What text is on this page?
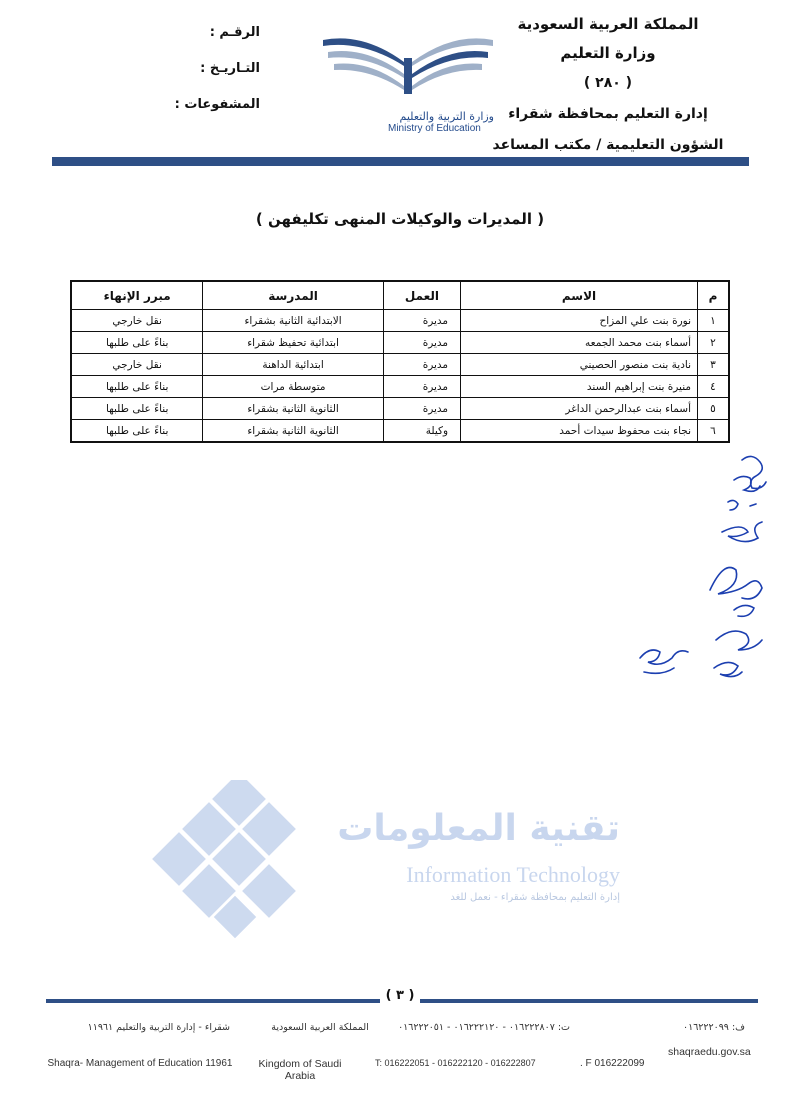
المملكة العربية السعودية
وزارة التعليم
( ٢٨٠ )
إدارة التعليم بمحافظة شقراء
الشؤون التعليمية / مكتب المساعد
الرقـم :
التـاريـخ :
المشفوعات :
وزارة التربية والتعليم
Ministry of Education
( المديرات والوكيلات المنهى تكليفهن )
م	الاسم	العمل	المدرسة	مبرر الإنهاء
١	نورة بنت علي المزاح	مديرة	الابتدائية الثانية بشقراء	نقل خارجي
٢	أسماء بنت محمد الجمعه	مديرة	ابتدائية تحفيظ شقراء	بناءً على طلبها
٣	نادية بنت منصور الحصيني	مديرة	ابتدائية الداهنة	نقل خارجي
٤	منيرة بنت إبراهيم السند	مديرة	متوسطة مرات	بناءً على طلبها
٥	أسماء بنت عبدالرحمن الداغر	مديرة	الثانوية الثانية بشقراء	بناءً على طلبها
٦	نجاء بنت محفوظ سيدات أحمد	وكيلة	الثانوية الثانية بشقراء	بناءً على طلبها
تقنية المعلومات
Information Technology
إدارة التعليم بمحافظة شقراء - نعمل للغد
( ٣ )
شقراء - إدارة التربية والتعليم ١١٩٦١	المملكة العربية السعودية	ت: ٠١٦٢٢٢٨٠٧ - ٠١٦٢٢٢١٢٠ - ٠١٦٢٢٢٠٥١	ف: ٠١٦٢٢٢٠٩٩
Shaqra- Management of Education 11961	Kingdom of Saudi Arabia
T: 016222051 - 016222120 - 016222807	. F 016222099
shaqraedu.gov.sa
